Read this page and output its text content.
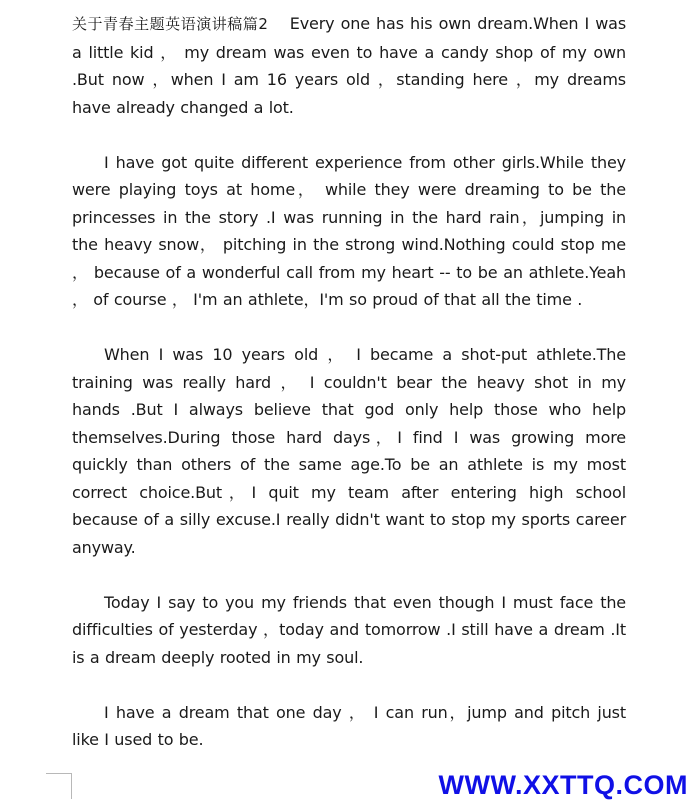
关于青春主题英语演讲稿篇2 Every one has his own dream.When I was a little kid ， my dream was even to have a candy shop of my own .But now ，when I am 16 years old ，standing here ，my dreams have already changed a lot.

I have got quite different experience from other girls.While they were playing toys at home， while they were dreaming to be the princesses in the story .I was running in the hard rain，jumping in the heavy snow， pitching in the strong wind.Nothing could stop me ， because of a wonderful call from my heart -- to be an athlete.Yeah ， of course ， I'm an athlete，I'm so proud of that all the time .

When I was 10 years old ， I became a shot-put athlete.The training was really hard ， I couldn't bear the heavy shot in my hands .But I always believe that god only help those who help themselves.During those hard days，I find I was growing more quickly than others of the same age.To be an athlete is my most correct choice.But，I quit my team after entering high school because of a silly excuse.I really didn't want to stop my sports career anyway.

Today I say to you my friends that even though I must face the difficulties of yesterday ，today and tomorrow .I still have a dream .It is a dream deeply rooted in my soul.

I have a dream that one day ， I can run，jump and pitch just like I used to be.

WWW.XXTTQ.COM
